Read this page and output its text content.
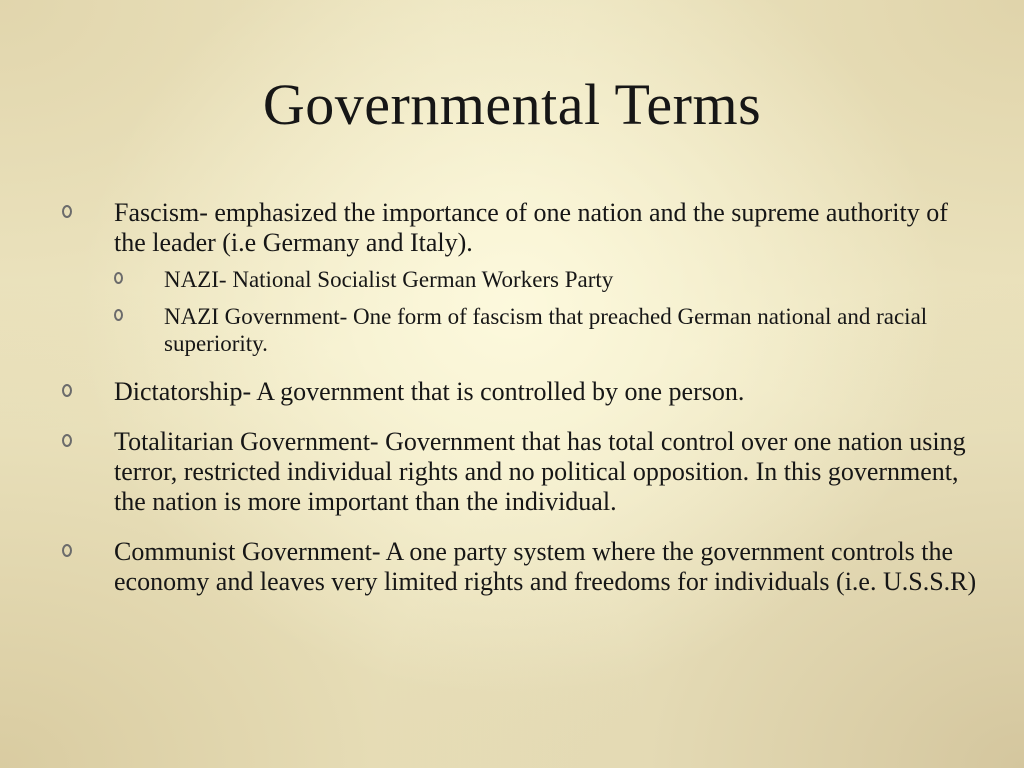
Governmental Terms
Fascism- emphasized the importance of one nation and the supreme authority of the leader (i.e Germany and Italy).
NAZI- National Socialist German Workers Party
NAZI Government- One form of fascism that preached German national and racial superiority.
Dictatorship- A government that is controlled by one person.
Totalitarian Government- Government that has total control over one nation using terror, restricted individual rights and no political opposition. In this government, the nation is more important than the individual.
Communist Government- A one party system where the government controls the economy and leaves very limited rights and freedoms for individuals (i.e. U.S.S.R)
